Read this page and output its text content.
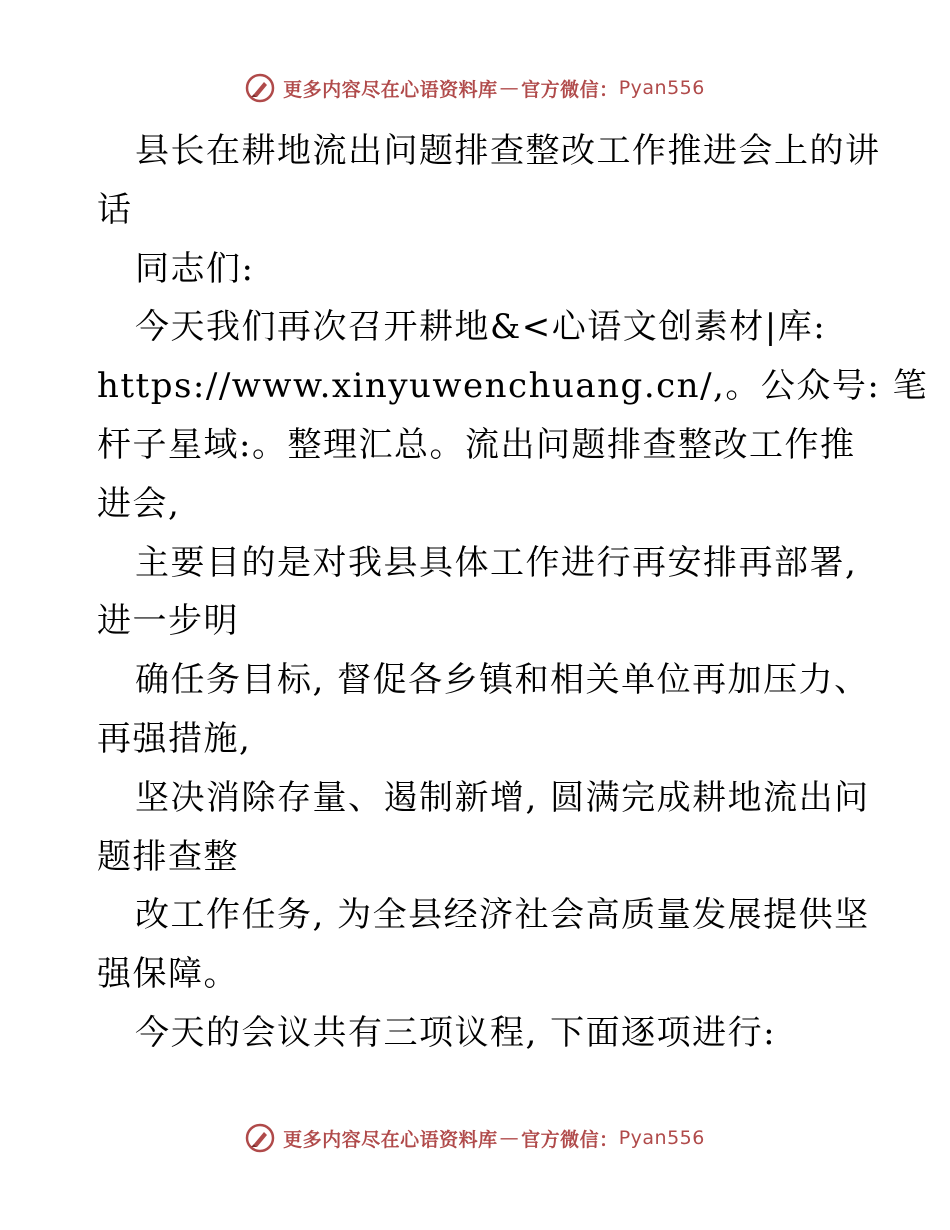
更多内容尽在心语资料库 — 官方微信： Pyan556
县长在耕地流出问题排查整改工作推进会上的讲
话
同志们:
今天我们再次召开耕地&<心语文创素材|库:
https://www.xinyuwenchuang.cn/,。公众号: 笔
杆子星域:。整理汇总。流出问题排查整改工作推
进会,
主要目的是对我县具体工作进行再安排再部署,
进一步明
确任务目标, 督促各乡镇和相关单位再加压力、
再强措施,
坚决消除存量、遏制新增, 圆满完成耕地流出问
题排查整
改工作任务, 为全县经济社会高质量发展提供坚
强保障。
今天的会议共有三项议程, 下面逐项进行:
更多内容尽在心语资料库 — 官方微信： Pyan556
